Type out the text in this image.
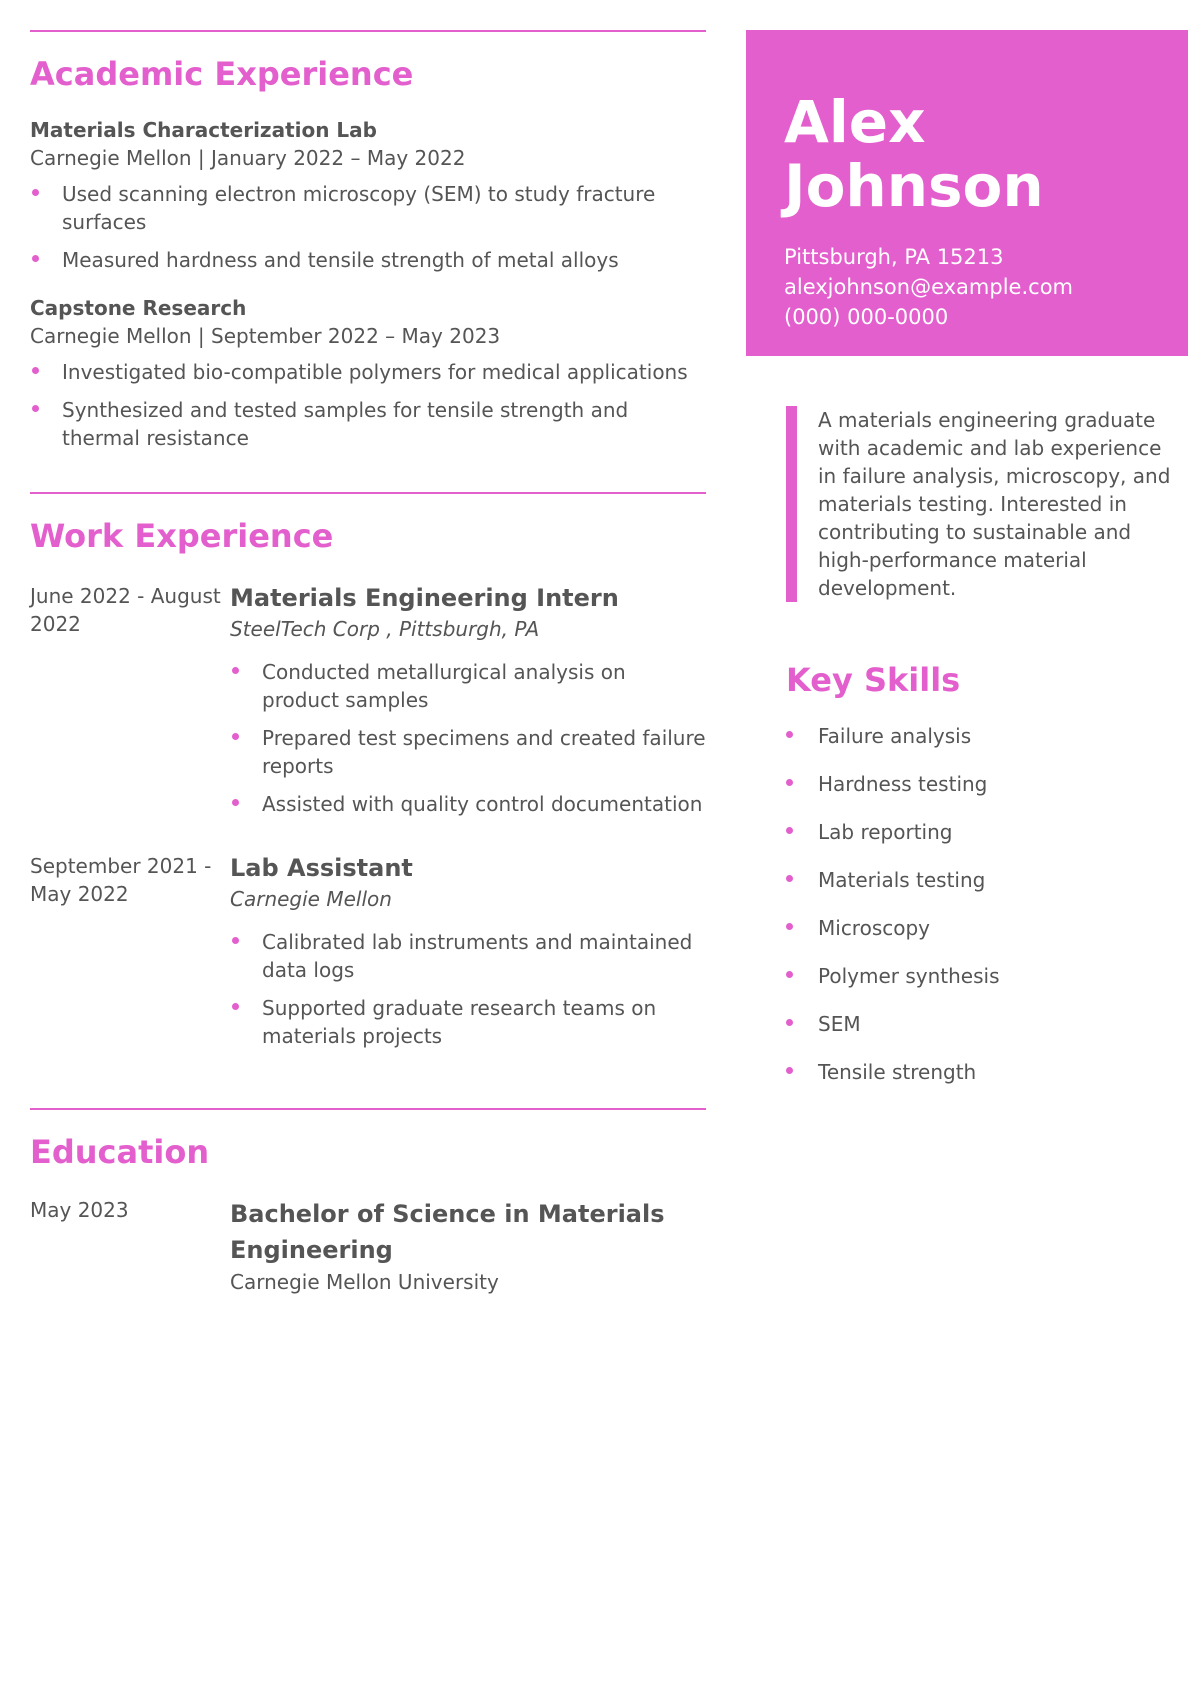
Academic Experience
Materials Characterization Lab
Carnegie Mellon | January 2022 – May 2022
Used scanning electron microscopy (SEM) to study fracture surfaces
Measured hardness and tensile strength of metal alloys
Capstone Research
Carnegie Mellon | September 2022 – May 2023
Investigated bio-compatible polymers for medical applications
Synthesized and tested samples for tensile strength and thermal resistance
Work Experience
June 2022 - August 2022
Materials Engineering Intern
SteelTech Corp , Pittsburgh, PA
Conducted metallurgical analysis on product samples
Prepared test specimens and created failure reports
Assisted with quality control documentation
September 2021 - May 2022
Lab Assistant
Carnegie Mellon
Calibrated lab instruments and maintained data logs
Supported graduate research teams on materials projects
Education
May 2023	Bachelor of Science in Materials Engineering
Carnegie Mellon University
Alex
Johnson
Pittsburgh, PA 15213
alexjohnson@example.com
(000) 000-0000
A materials engineering graduate with academic and lab experience in failure analysis, microscopy, and materials testing. Interested in contributing to sustainable and high-performance material development.
Key Skills
Failure analysis
Hardness testing
Lab reporting
Materials testing
Microscopy
Polymer synthesis
SEM
Tensile strength
